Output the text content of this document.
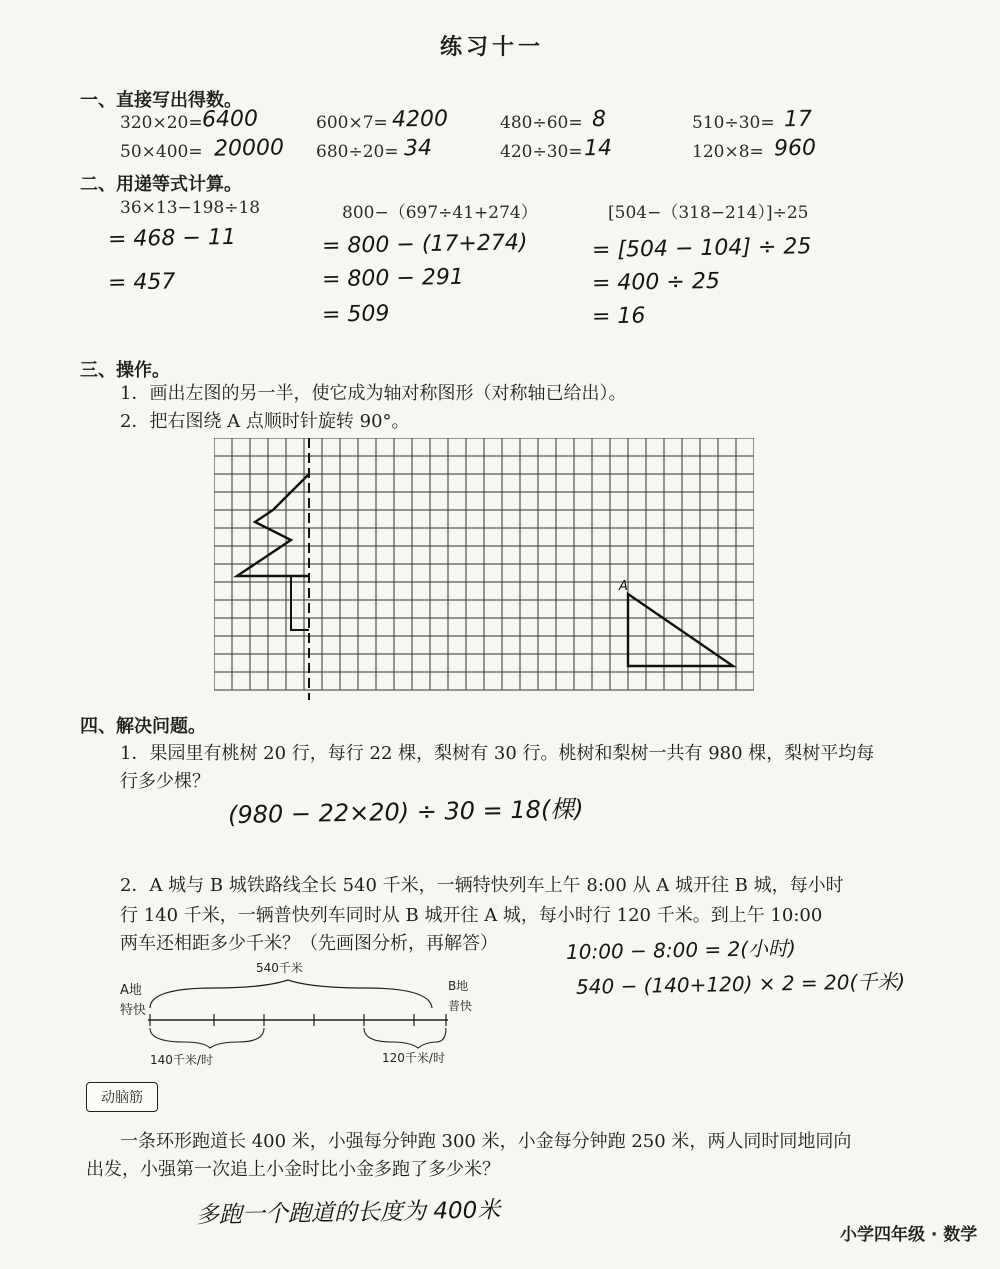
练习十一
一、直接写出得数。
320×20= 6400	600×7= 4200	480÷60= 8	510÷30= 17
50×400= 20000 680÷20= 34	420÷30= 14	120×8= 960
二、用递等式计算。
36×13−198÷18
= 468 − 11
= 457
800−（697÷41+274）
= 800 − (17+274)
= 800 − 291
= 509
[504−（318−214）]÷25
= [504 − 104] ÷ 25
= 400 ÷ 25
= 16
三、操作。
1．画出左图的另一半，使它成为轴对称图形（对称轴已给出）。
2．把右图绕 A 点顺时针旋转 90°。
A
四、解决问题。
1．果园里有桃树 20 行，每行 22 棵，梨树有 30 行。桃树和梨树一共有 980 棵，梨树平均每
行多少棵？
(980 − 22×20) ÷ 30 = 18(棵)
2．A 城与 B 城铁路线全长 540 千米，一辆特快列车上午 8:00 从 A 城开往 B 城，每小时
行 140 千米，一辆普快列车同时从 B 城开往 A 城，每小时行 120 千米。到上午 10:00
两车还相距多少千米？（先画图分析，再解答）	10:00 − 8:00 = 2(小时)
540 − (140+120) × 2 = 20(千米)
540千米
A地
特快
B地
普快
140千米/时	120千米/时
动脑筋
一条环形跑道长 400 米，小强每分钟跑 300 米，小金每分钟跑 250 米，两人同时同地同向
出发，小强第一次追上小金时比小金多跑了多少米？
多跑一个跑道的长度为 400米
小学四年级 · 数学
